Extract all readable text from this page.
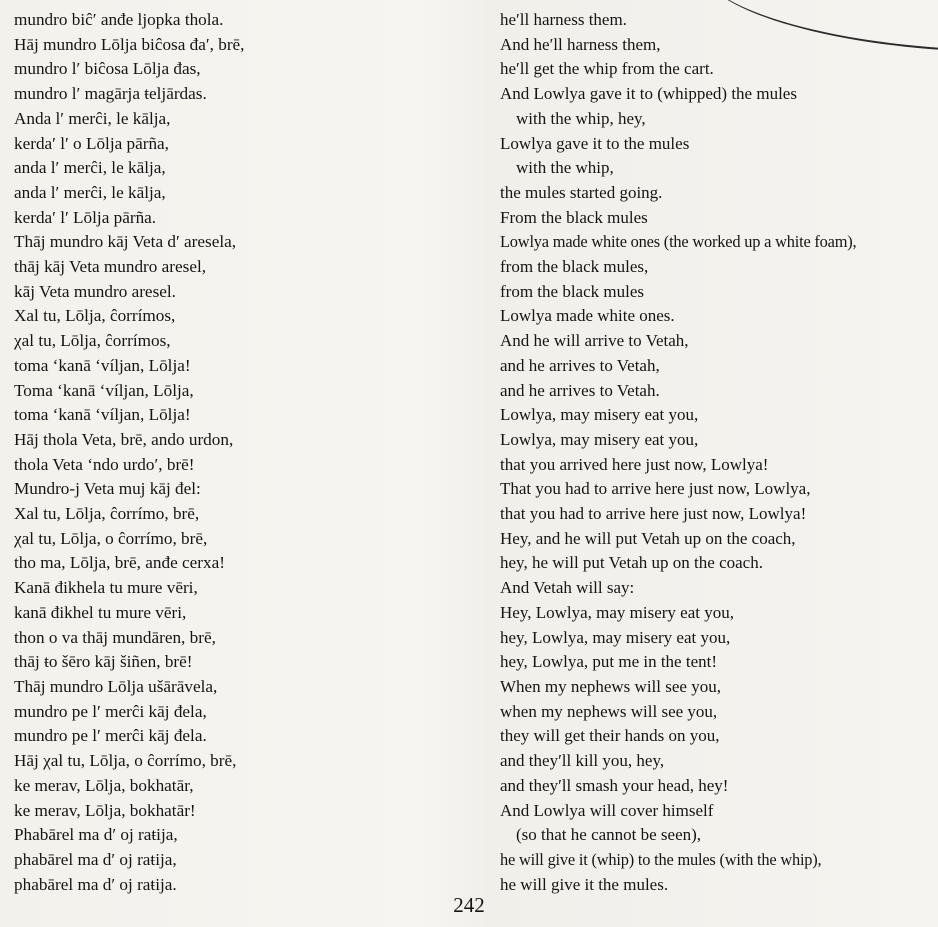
mundro biĉ′ anđe ljopka thola.
Hāj mundro Lōlja biĉosa đa′, brē,
mundro l′ biĉosa Lōlja đas,
mundro l′ magārja ŧeljārdas.
Anda l′ merĉi, le kālja,
kerda′ l′ o Lōlja pārña,
anda l′ merĉi, le kālja,
anda l′ merĉi, le kālja,
kerda′ l′ Lōlja pārña.
Thāj mundro kāj Veta d′ aresela,
thāj kāj Veta mundro aresel,
kāj Veta mundro aresel.
Xal tu, Lōlja, ĉorrímos,
χal tu, Lōlja, ĉorrímos,
toma ‘kanā ‘víljan, Lōlja!
Toma ‘kanā ‘víljan, Lōlja,
toma ‘kanā ‘víljan, Lōlja!
Hāj thola Veta, brē, ando urdon,
thola Veta ‘ndo urdo′, brē!
Mundro-j Veta muj kāj đel:
Xal tu, Lōlja, ĉorrímo, brē,
χal tu, Lōlja, o ĉorrímo, brē,
tho ma, Lōlja, brē, anđe cerxa!
Kanā đikhela tu mure vēri,
kanā đikhel tu mure vēri,
thon o va thāj mundāren, brē,
thāj ŧo šēro kāj šiñen, brē!
Thāj mundro Lōlja ušārāvela,
mundro pe l′ merĉi kāj đela,
mundro pe l′ merĉi kāj đela.
Hāj χal tu, Lōlja, o ĉorrímo, brē,
ke merav, Lōlja, bokhatār,
ke merav, Lōlja, bokhatār!
Phabārel ma d′ oj raŧija,
phabārel ma d′ oj raŧija,
phabārel ma d′ oj raŧija.
he′ll harness them.
And he′ll harness them,
he′ll get the whip from the cart.
And Lowlya gave it to (whipped) the mules
with the whip, hey,
Lowlya gave it to the mules
with the whip,
the mules started going.
From the black mules
Lowlya made white ones (the worked up a white foam),
from the black mules,
from the black mules
Lowlya made white ones.
And he will arrive to Vetah,
and he arrives to Vetah,
and he arrives to Vetah.
Lowlya, may misery eat you,
Lowlya, may misery eat you,
that you arrived here just now, Lowlya!
That you had to arrive here just now, Lowlya,
that you had to arrive here just now, Lowlya!
Hey, and he will put Vetah up on the coach,
hey, he will put Vetah up on the coach.
And Vetah will say:
Hey, Lowlya, may misery eat you,
hey, Lowlya, may misery eat you,
hey, Lowlya, put me in the tent!
When my nephews will see you,
when my nephews will see you,
they will get their hands on you,
and they′ll kill you, hey,
and they′ll smash your head, hey!
And Lowlya will cover himself
(so that he cannot be seen),
he will give it (whip) to the mules (with the whip),
he will give it the mules.
242
